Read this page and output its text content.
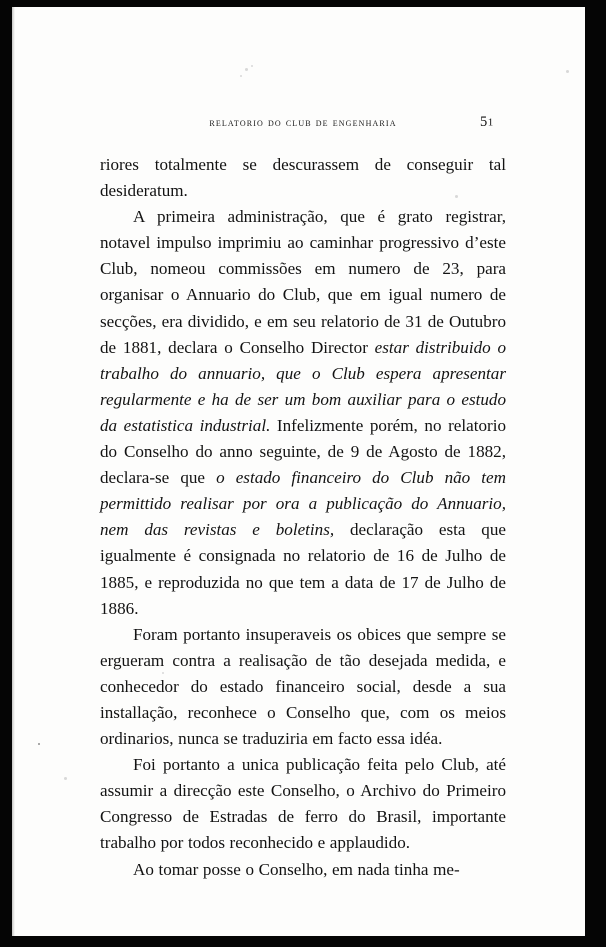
relatorio do club de engenharia	51

riores totalmente se descurassem de conseguir tal desideratum.

A primeira administração, que é grato registrar, notavel impulso imprimiu ao caminhar progressivo d’este Club, nomeou commissões em numero de 23, para organisar o Annuario do Club, que em igual numero de secções, era dividido, e em seu relatorio de 31 de Outubro de 1881, declara o Conselho Director estar distribuido o trabalho do annuario, que o Club espera apresentar regularmente e ha de ser um bom auxiliar para o estudo da estatistica industrial. Infelizmente porém, no relatorio do Conselho do anno seguinte, de 9 de Agosto de 1882, declara-se que o estado financeiro do Club não tem permittido realisar por ora a publicação do Annuario, nem das revistas e boletins, declaração esta que igualmente é consignada no relatorio de 16 de Julho de 1885, e reproduzida no que tem a data de 17 de Julho de 1886.

Foram portanto insuperaveis os obices que sempre se ergueram contra a realisação de tão desejada medida, e conhecedor do estado financeiro social, desde a sua installação, reconhece o Conselho que, com os meios ordinarios, nunca se traduziria em facto essa idéa.

Foi portanto a unica publicação feita pelo Club, até assumir a direcção este Conselho, o Archivo do Primeiro Congresso de Estradas de ferro do Brasil, importante trabalho por todos reconhecido e applaudido.

Ao tomar posse o Conselho, em nada tinha me-
